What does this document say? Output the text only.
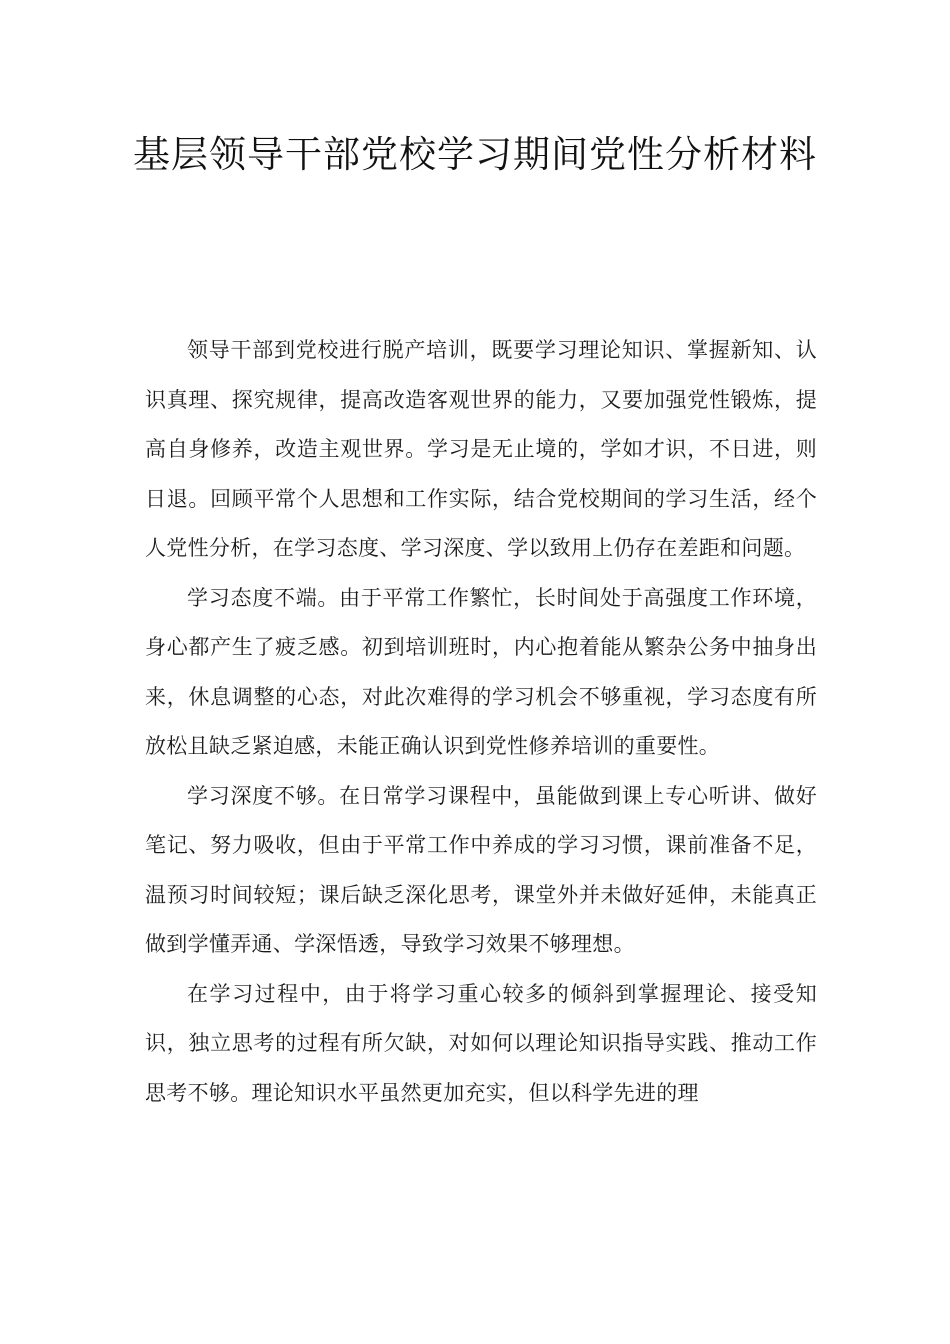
基层领导干部党校学习期间党性分析材料

领导干部到党校进行脱产培训，既要学习理论知识、掌握新知、认识真理、探究规律，提高改造客观世界的能力，又要加强党性锻炼，提高自身修养，改造主观世界。学习是无止境的，学如才识，不日进，则日退。回顾平常个人思想和工作实际，结合党校期间的学习生活，经个人党性分析，在学习态度、学习深度、学以致用上仍存在差距和问题。

学习态度不端。由于平常工作繁忙，长时间处于高强度工作环境，身心都产生了疲乏感。初到培训班时，内心抱着能从繁杂公务中抽身出来，休息调整的心态，对此次难得的学习机会不够重视，学习态度有所放松且缺乏紧迫感，未能正确认识到党性修养培训的重要性。

学习深度不够。在日常学习课程中，虽能做到课上专心听讲、做好笔记、努力吸收，但由于平常工作中养成的学习习惯，课前准备不足，温预习时间较短；课后缺乏深化思考，课堂外并未做好延伸，未能真正做到学懂弄通、学深悟透，导致学习效果不够理想。

在学习过程中，由于将学习重心较多的倾斜到掌握理论、接受知识，独立思考的过程有所欠缺，对如何以理论知识指导实践、推动工作思考不够。理论知识水平虽然更加充实，但以科学先进的理
